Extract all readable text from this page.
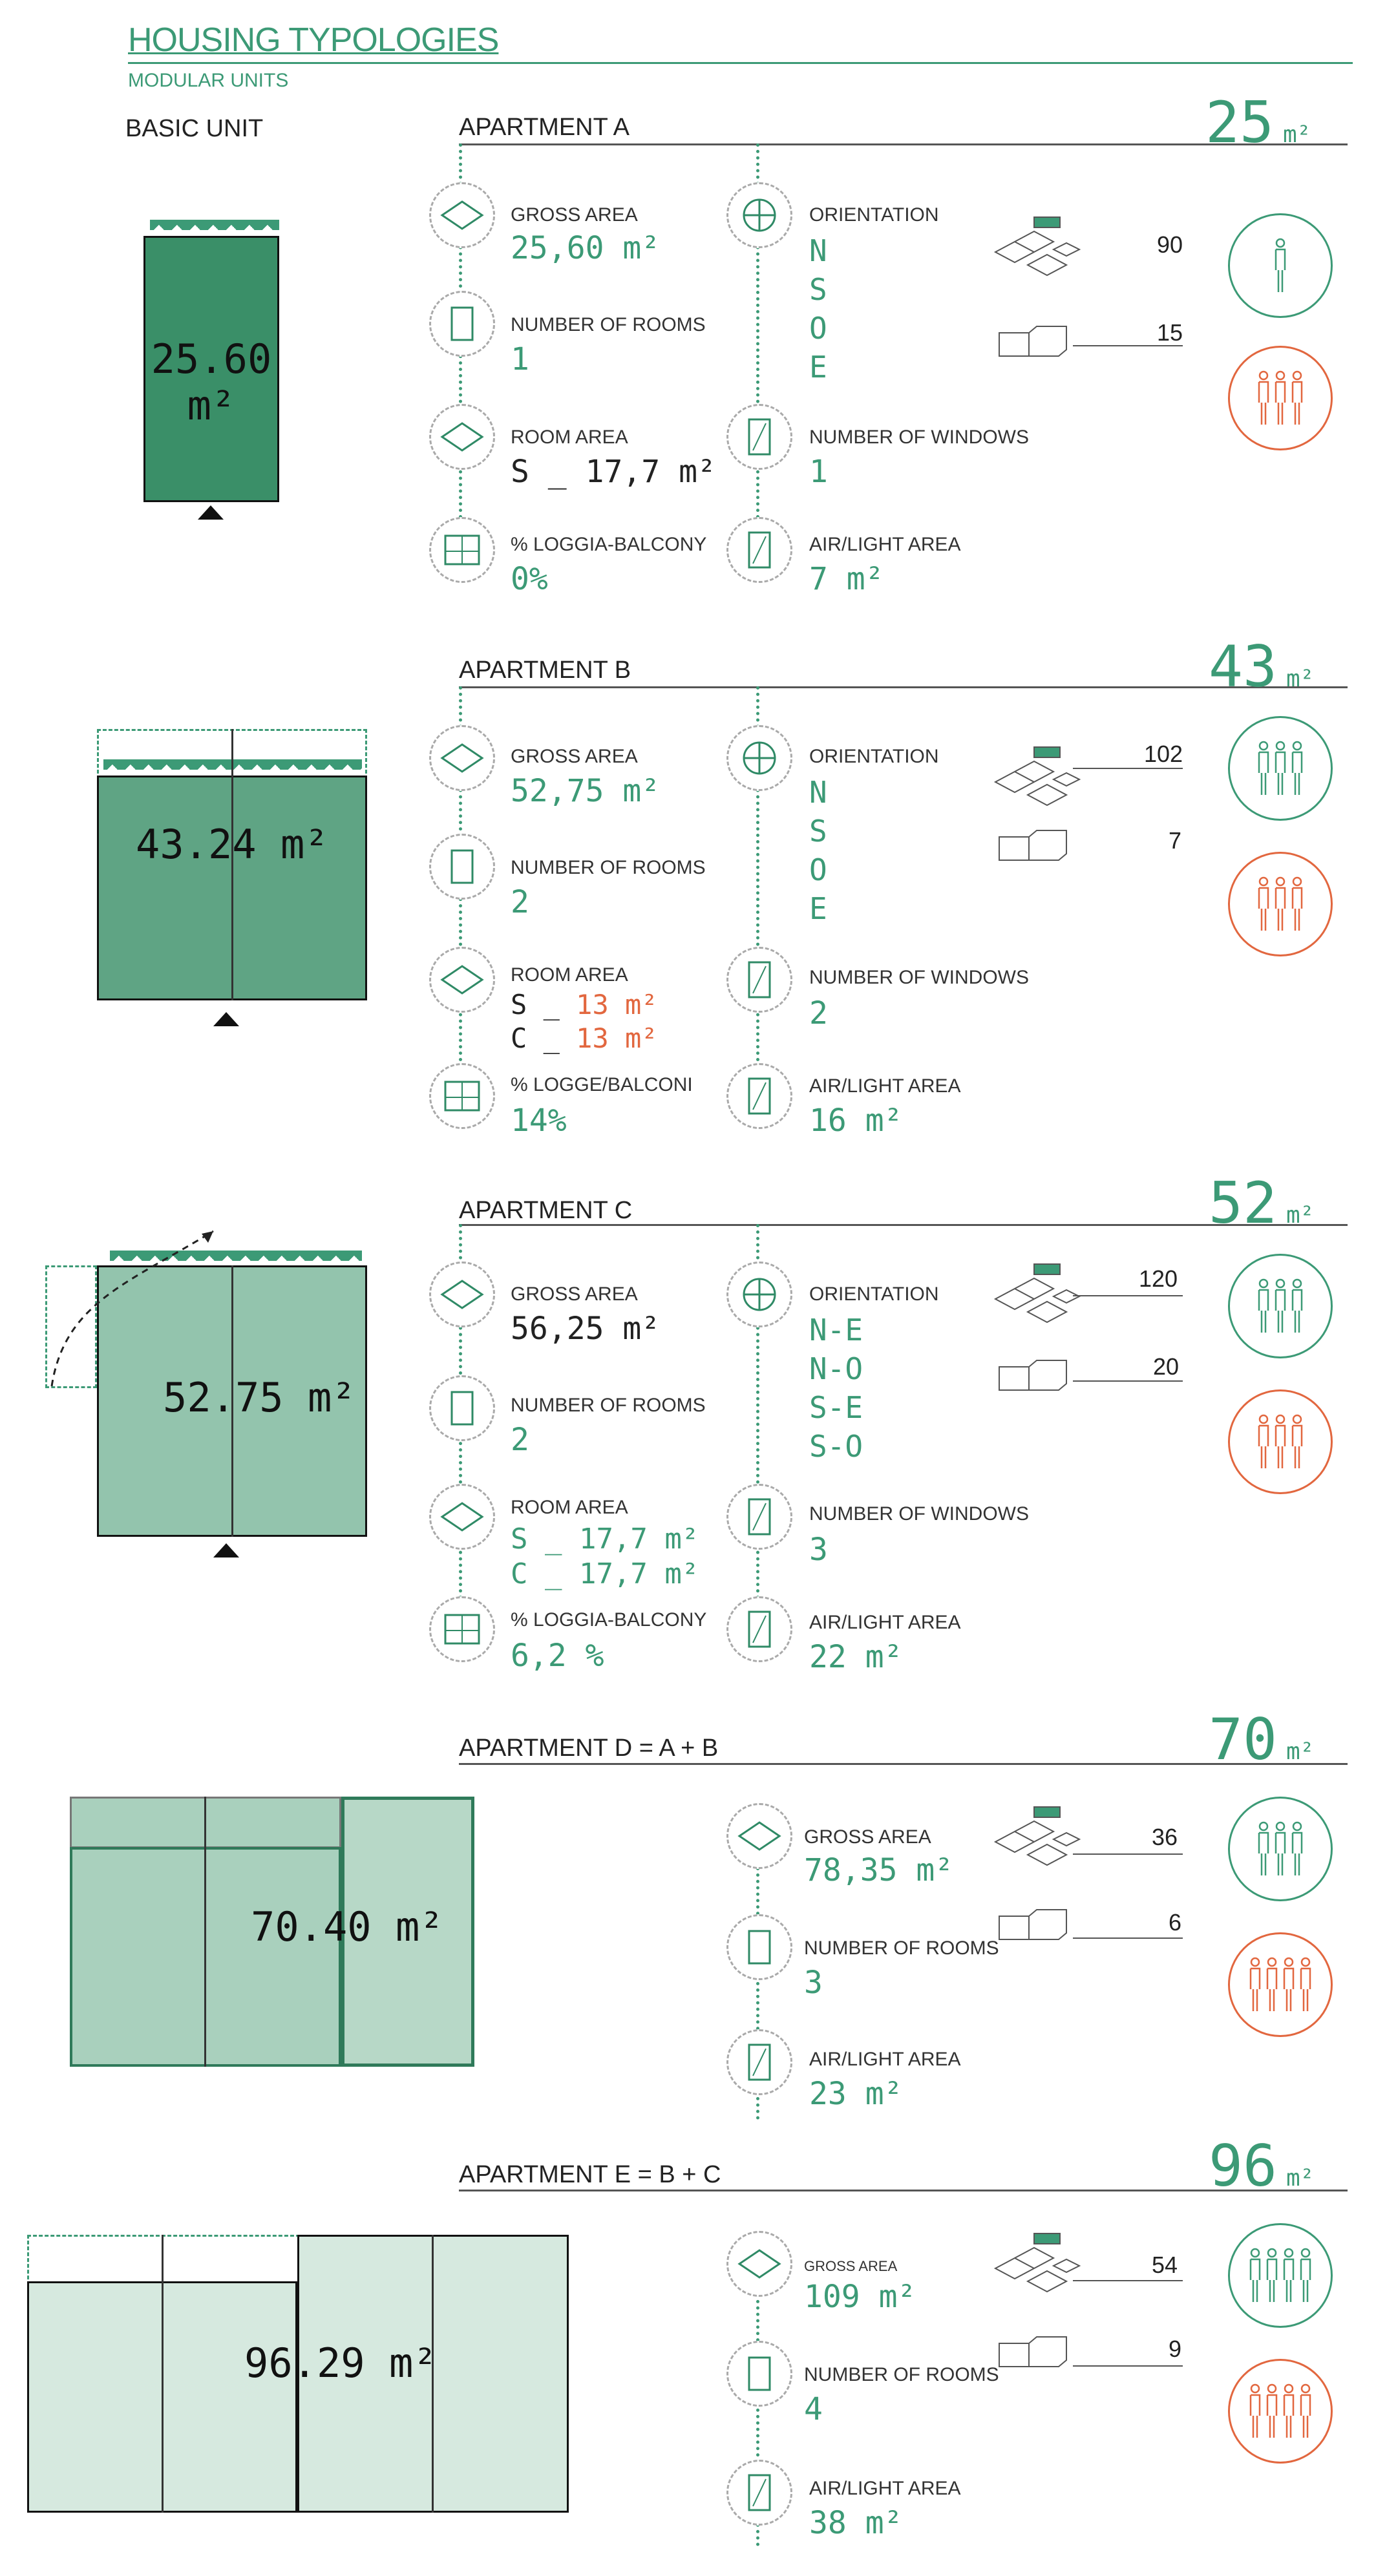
HOUSING TYPOLOGIES
MODULAR UNITS
BASIC UNIT	APARTMENT A	25 m²
25.60
m²
GROSS AREA
25,60 m²
NUMBER OF ROOMS
1
ROOM AREA
S _ 17,7 m²
% LOGGIA-BALCONY
0%
ORIENTATION
N
S
O
E
NUMBER OF WINDOWS
1
AIR/LIGHT AREA
7 m²
90
15
APARTMENT B	43 m²
43.24 m²
GROSS AREA
52,75 m²
NUMBER OF ROOMS
2
ROOM AREA
S _ 13 m²
C _ 13 m²
% LOGGE/BALCONI
14%
ORIENTATION
N
S
O
E
NUMBER OF WINDOWS
2
AIR/LIGHT AREA
16 m²
102
7
APARTMENT C	52 m²
52.75 m²
GROSS AREA
56,25 m²
NUMBER OF ROOMS
2
ROOM AREA
S _ 17,7 m²
C _ 17,7 m²
% LOGGIA-BALCONY
6,2 %
ORIENTATION
N-E
N-O
S-E
S-O
NUMBER OF WINDOWS
3
AIR/LIGHT AREA
22 m²
120
20
APARTMENT D = A + B	70 m²
70.40 m²
GROSS AREA
78,35 m²
NUMBER OF ROOMS
3
AIR/LIGHT AREA
23 m²
36
6
APARTMENT E = B + C	96 m²
96.29 m²
GROSS AREA
109 m²
NUMBER OF ROOMS
4
AIR/LIGHT AREA
38 m²
54
9
